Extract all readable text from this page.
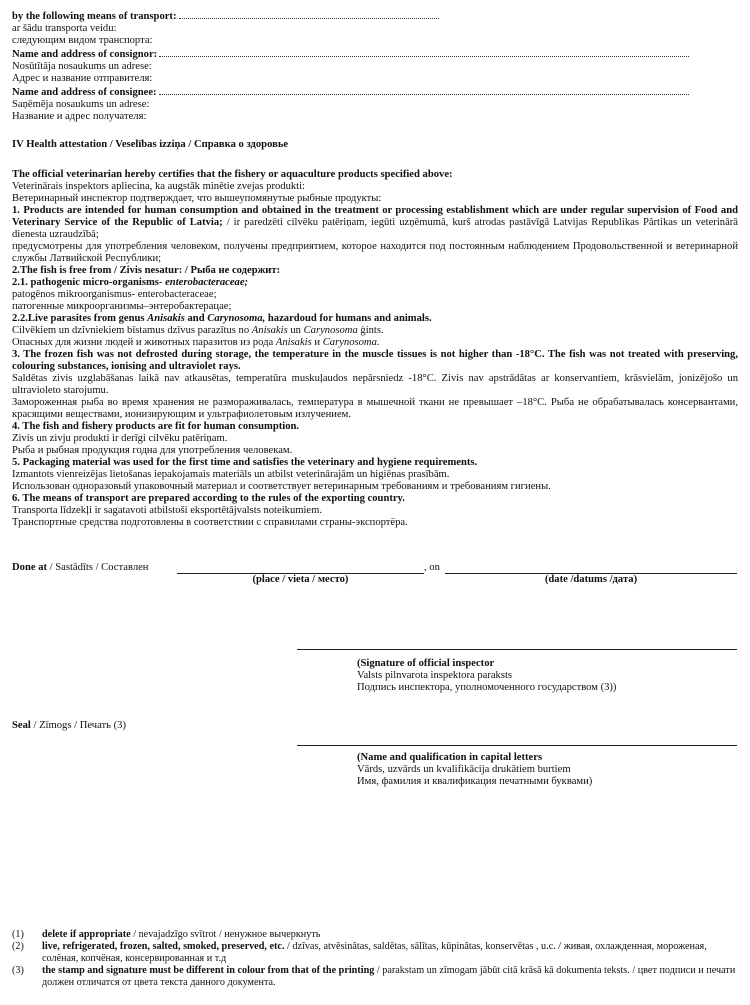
by the following means of transport:
ar šādu transporta veidu:
следующим видом транспорта:
Name and address of consignor:
Nosūtītāja nosaukums un adrese:
Адрес и название отправителя:
Name and address of consignee:
Saņēmēja nosaukums un adrese:
Название и адрес получателя:
IV Health attestation / Veselības izziņa / Справка о здоровье
The official veterinarian hereby certifies that the fishery or aquaculture products specified above:
Veterinārais inspektors apliecina, ka augstāk minētie zvejas produkti:
Ветеринарный инспектор подтверждает, что вышеупомянутые рыбные продукты:
1. Products are intended for human consumption and obtained in the treatment or processing establishment which are under regular supervision of Food and Veterinary Service of the Republic of Latvia; / ir paredzēti cilvēku patēriņam, iegūti uzņēmumā, kurš atrodas pastāvīgā Latvijas Republikas Pārtikas un veterinārā dienesta uzraudzībā;
предусмотрены для употребления человеком, получены предприятием, которое находится под постоянным наблюдением Продовольственной и ветеринарной службы Латвийской Республики;
2.The fish is free from / Zivis nesatur: / Рыба не содержит:
2.1. pathogenic micro-organisms- enterobacteraceae;
patogēnos mikroorganismus- enterobacteraceae;
патогенные микроорганизмы–энтеробактерацае;
2.2.Live parasites from genus Anisakis and Carynosoma, hazardoud for humans and animals.
Cilvēkiem un dzīvniekiem bīstamus dzīvus parazītus no Anisakis un Carynosoma ģints.
Опасных для жизни людей и животных паразитов из рода Anisakis и Carynosoma.
3. The frozen fish was not defrosted during storage, the temperature in the muscle tissues is not higher than -18°C. The fish was not treated with preserving, colouring substances, ionising and ultraviolet rays.
Saldētas zivis uzglabāšanas laikā nav atkausētas, temperatūra muskuļaudos nepārsniedz -18°C. Zivis nav apstrādātas ar konservantiem, krāsvielām, jonizējošo un ultravioleto starojumu.
Замороженная рыба во время хранения не размораживалась, температура в мышечной ткани не превышает –18°C. Рыба не обрабатывалась консервантами, красящими веществами, ионизирующим и ультрафиолетовым излучением.
4. The fish and fishery products are fit for human consumption.
Zivis un zivju produkti ir derīgi cilvēku patēriņam.
Рыба и рыбная продукция годна для употребления человекам.
5. Packaging material was used for the first time and satisfies the veterinary and hygiene requirements.
Izmantots vienreizējas lietošanas iepakojamais materiāls un atbilst veterinārajām un higiēnas prasībām.
Использован одноразовый упаковочный материал и соответствует ветеринарным требованиям и требованиям гигиены.
6. The means of transport are prepared according to the rules of the exporting country.
Transporta līdzekļi ir sagatavoti atbilstoši eksportētājvalsts noteikumiem.
Транспортные средства подготовлены в соответствии с справилами страны-экспортёра.
Done at / Sastādīts / Составлен	, on
(place / vieta / место)	(date /datums /дата)
(Signature of official inspector
Valsts pilnvarota inspektora paraksts
Подпись инспектора, уполномоченного государством (3))
Seal / Zīmogs / Печать (3)
(Name and qualification in capital letters
Vārds, uzvārds un kvalifikācija drukātiem burtiem
Имя, фамилия и квалификация печатными буквами)
(1)	delete if appropriate / nevajadzīgo svītrot / ненужное вычеркнуть
(2)	live, refrigerated, frozen, salted, smoked, preserved, etc. / dzīvas, atvēsinātas, saldētas, sālītas, kūpinātas, konservētas , u.c. / живая, охлажденная, мороженая, солёная, копчёная, консервированная и т.д
(3)	the stamp and signature must be different in colour from that of the printing / parakstam un zīmogam jābūt citā krāsā kā dokumenta teksts. / цвет подписи и печати должен отличатся от цвета текста данного документа.
